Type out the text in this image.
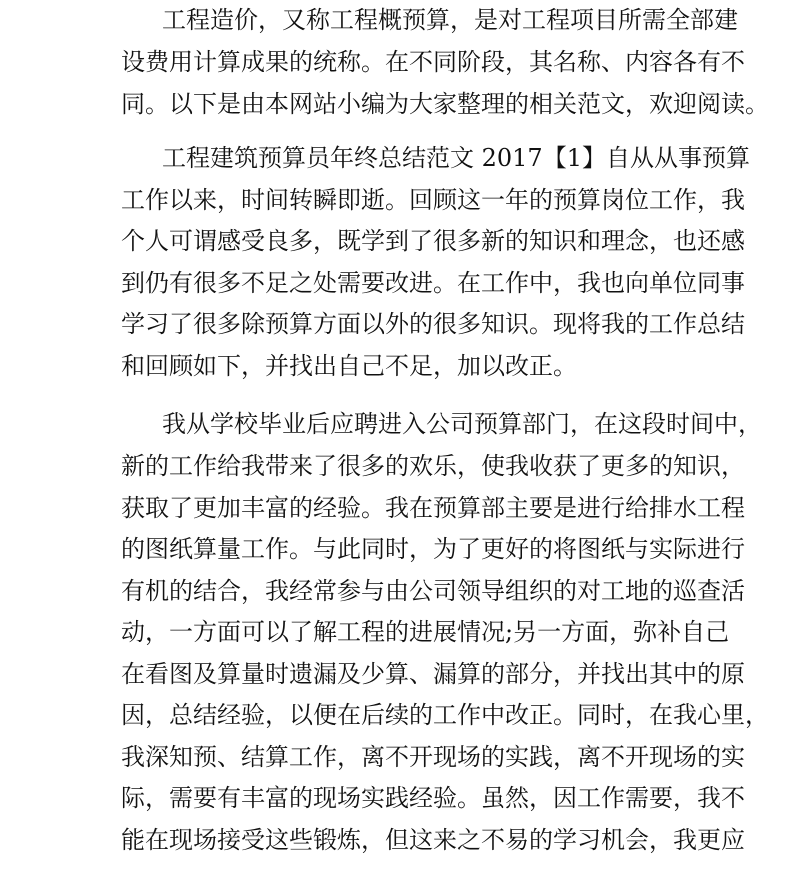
工程造价，又称工程概预算，是对工程项目所需全部建
设费用计算成果的统称。在不同阶段，其名称、内容各有不
同。以下是由本网站小编为大家整理的相关范文，欢迎阅读。
工程建筑预算员年终总结范文 2017【1】自从从事预算
工作以来，时间转瞬即逝。回顾这一年的预算岗位工作，我
个人可谓感受良多，既学到了很多新的知识和理念，也还感
到仍有很多不足之处需要改进。在工作中，我也向单位同事
学习了很多除预算方面以外的很多知识。现将我的工作总结
和回顾如下，并找出自己不足，加以改正。
我从学校毕业后应聘进入公司预算部门，在这段时间中，
新的工作给我带来了很多的欢乐，使我收获了更多的知识，
获取了更加丰富的经验。我在预算部主要是进行给排水工程
的图纸算量工作。与此同时，为了更好的将图纸与实际进行
有机的结合，我经常参与由公司领导组织的对工地的巡查活
动，一方面可以了解工程的进展情况;另一方面，弥补自己
在看图及算量时遗漏及少算、漏算的部分，并找出其中的原
因，总结经验，以便在后续的工作中改正。同时，在我心里，
我深知预、结算工作，离不开现场的实践，离不开现场的实
际，需要有丰富的现场实践经验。虽然，因工作需要，我不
能在现场接受这些锻炼，但这来之不易的学习机会，我更应
